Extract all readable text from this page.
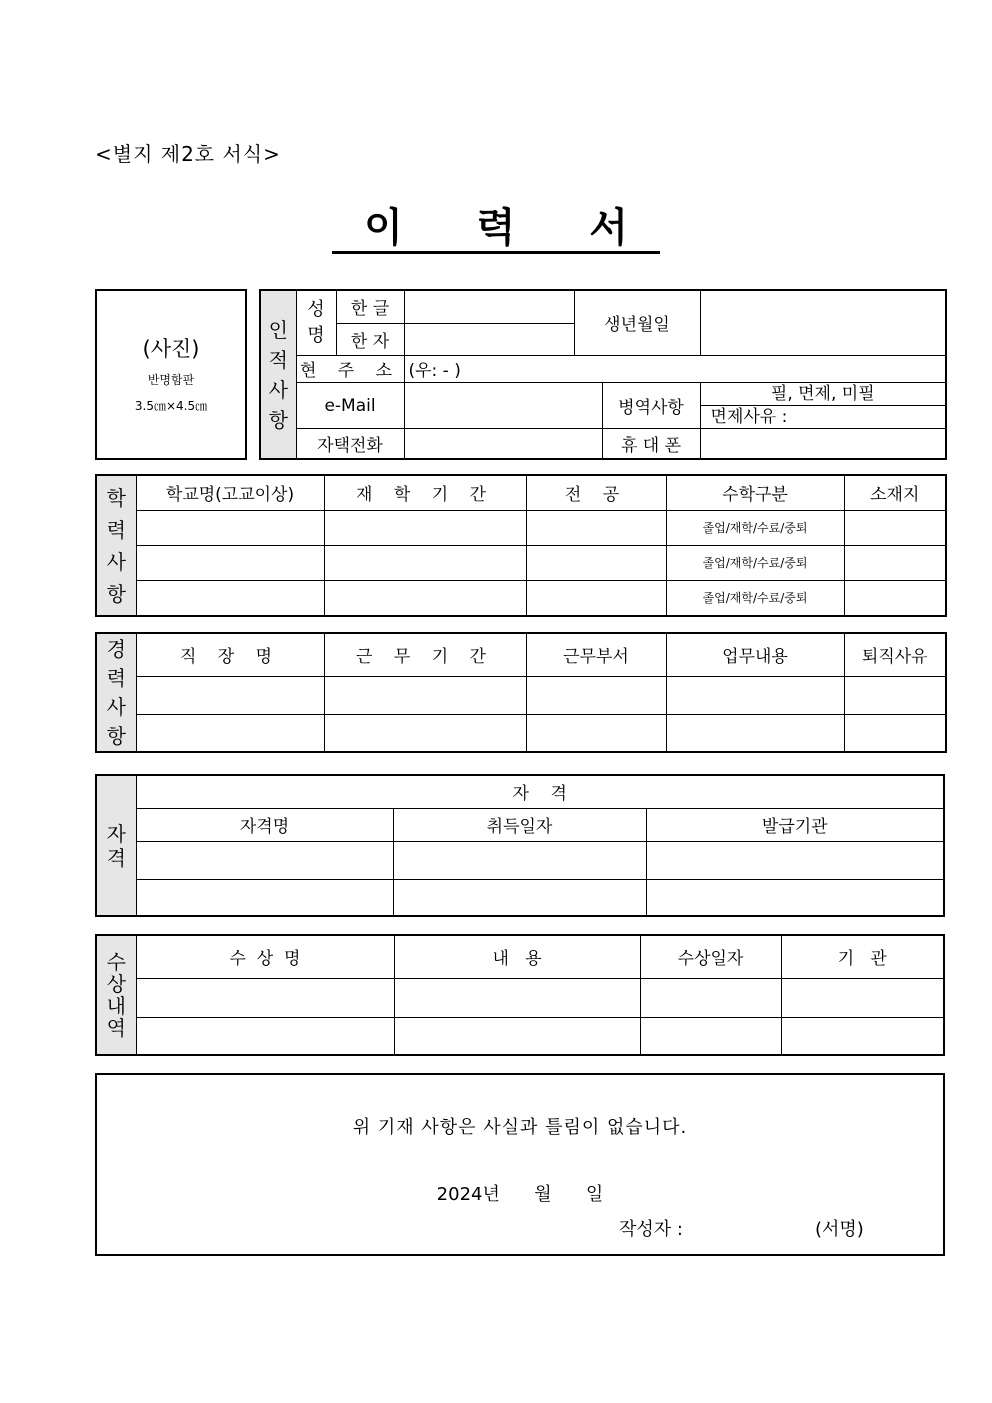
<별지 제2호 서식>
이 력 서
(사진)
반명함판
3.5㎝×4.5㎝
인적사항	성명	한 글		생년월일		
		한 자				
	현 주 소		(우: - )			
	e-Mail				병역사항	필, 면제, 미필
면제사유 :

	자택전화				휴 대 폰	
학력사항	학교명(고교이상)	재 학 기 간	전 공	수학구분	소재지
				졸업/재학/수료/중퇴	
				졸업/재학/수료/중퇴	
				졸업/재학/수료/중퇴	
경력사항	직 장 명	근 무 기 간	근무부서	업무내용	퇴직사유

자격	자    격		
	자격명	취득일자	발급기관

수상내역	수  상  명	내   용	수상일자	기   관

위 기재 사항은 사실과 틀림이 없습니다.
2024년      월      일
작성자 :	(서명)
